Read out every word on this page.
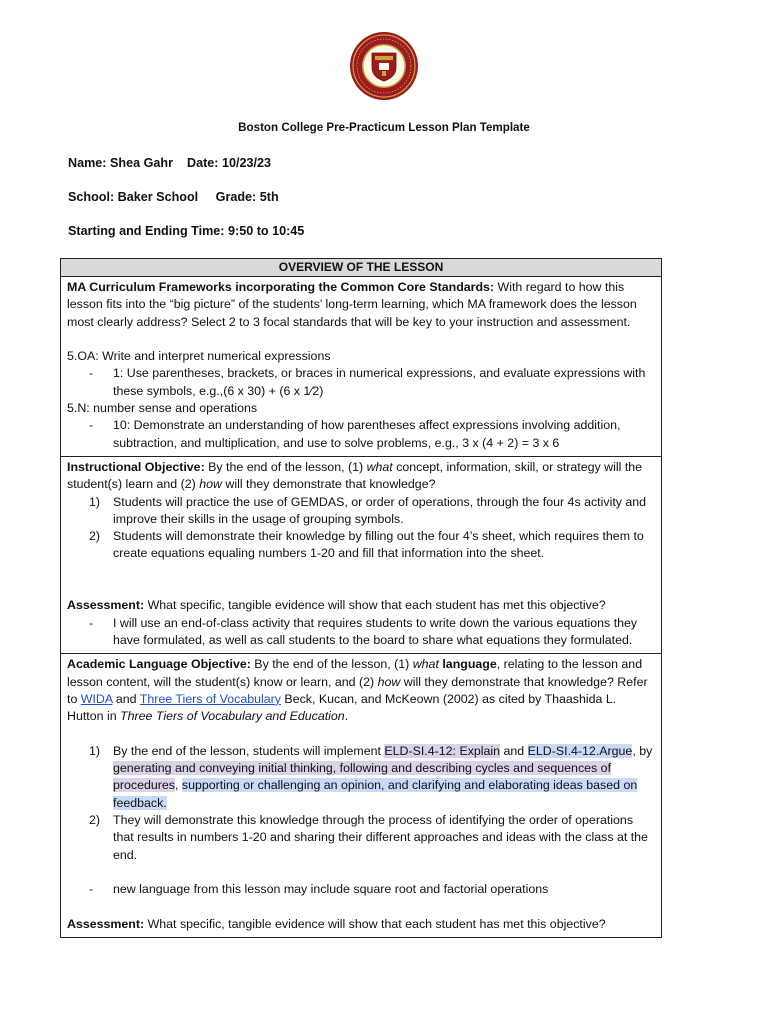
Boston College Pre-Practicum Lesson Plan Template
Name: Shea Gahr    Date: 10/23/23
School: Baker School     Grade: 5th
Starting and Ending Time: 9:50 to 10:45
OVERVIEW OF THE LESSON

MA Curriculum Frameworks incorporating the Common Core Standards: With regard to how this lesson fits into the “big picture” of the students’ long-term learning, which MA framework does the lesson most clearly address? Select 2 to 3 focal standards that will be key to your instruction and assessment.

5.OA: Write and interpret numerical expressions

- 1: Use parentheses, brackets, or braces in numerical expressions, and evaluate expressions with these symbols, e.g.,(6 x 30) + (6 x 1⁄2)

5.N: number sense and operations

- 10: Demonstrate an understanding of how parentheses affect expressions involving addition, subtraction, and multiplication, and use to solve problems, e.g., 3 x (4 + 2) = 3 x 6

Instructional Objective: By the end of the lesson, (1) what concept, information, skill, or strategy will the student(s) learn and (2) how will they demonstrate that knowledge?

1) Students will practice the use of GEMDAS, or order of operations, through the four 4s activity and improve their skills in the usage of grouping symbols.

2) Students will demonstrate their knowledge by filling out the four 4’s sheet, which requires them to create equations equaling numbers 1-20 and fill that information into the sheet.

Assessment: What specific, tangible evidence will show that each student has met this objective?

- I will use an end-of-class activity that requires students to write down the various equations they have formulated, as well as call students to the board to share what equations they formulated.

Academic Language Objective: By the end of the lesson, (1) what language, relating to the lesson and lesson content, will the student(s) know or learn, and (2) how will they demonstrate that knowledge? Refer to WIDA and Three Tiers of Vocabulary Beck, Kucan, and McKeown (2002) as cited by Thaashida L. Hutton in Three Tiers of Vocabulary and Education.

1) By the end of the lesson, students will implement ELD-SI.4-12: Explain and ELD-SI.4-12.Argue, by generating and conveying initial thinking, following and describing cycles and sequences of procedures, supporting or challenging an opinion, and clarifying and elaborating ideas based on feedback.

2) They will demonstrate this knowledge through the process of identifying the order of operations that results in numbers 1-20 and sharing their different approaches and ideas with the class at the end.

- new language from this lesson may include square root and factorial operations

Assessment: What specific, tangible evidence will show that each student has met this objective?
